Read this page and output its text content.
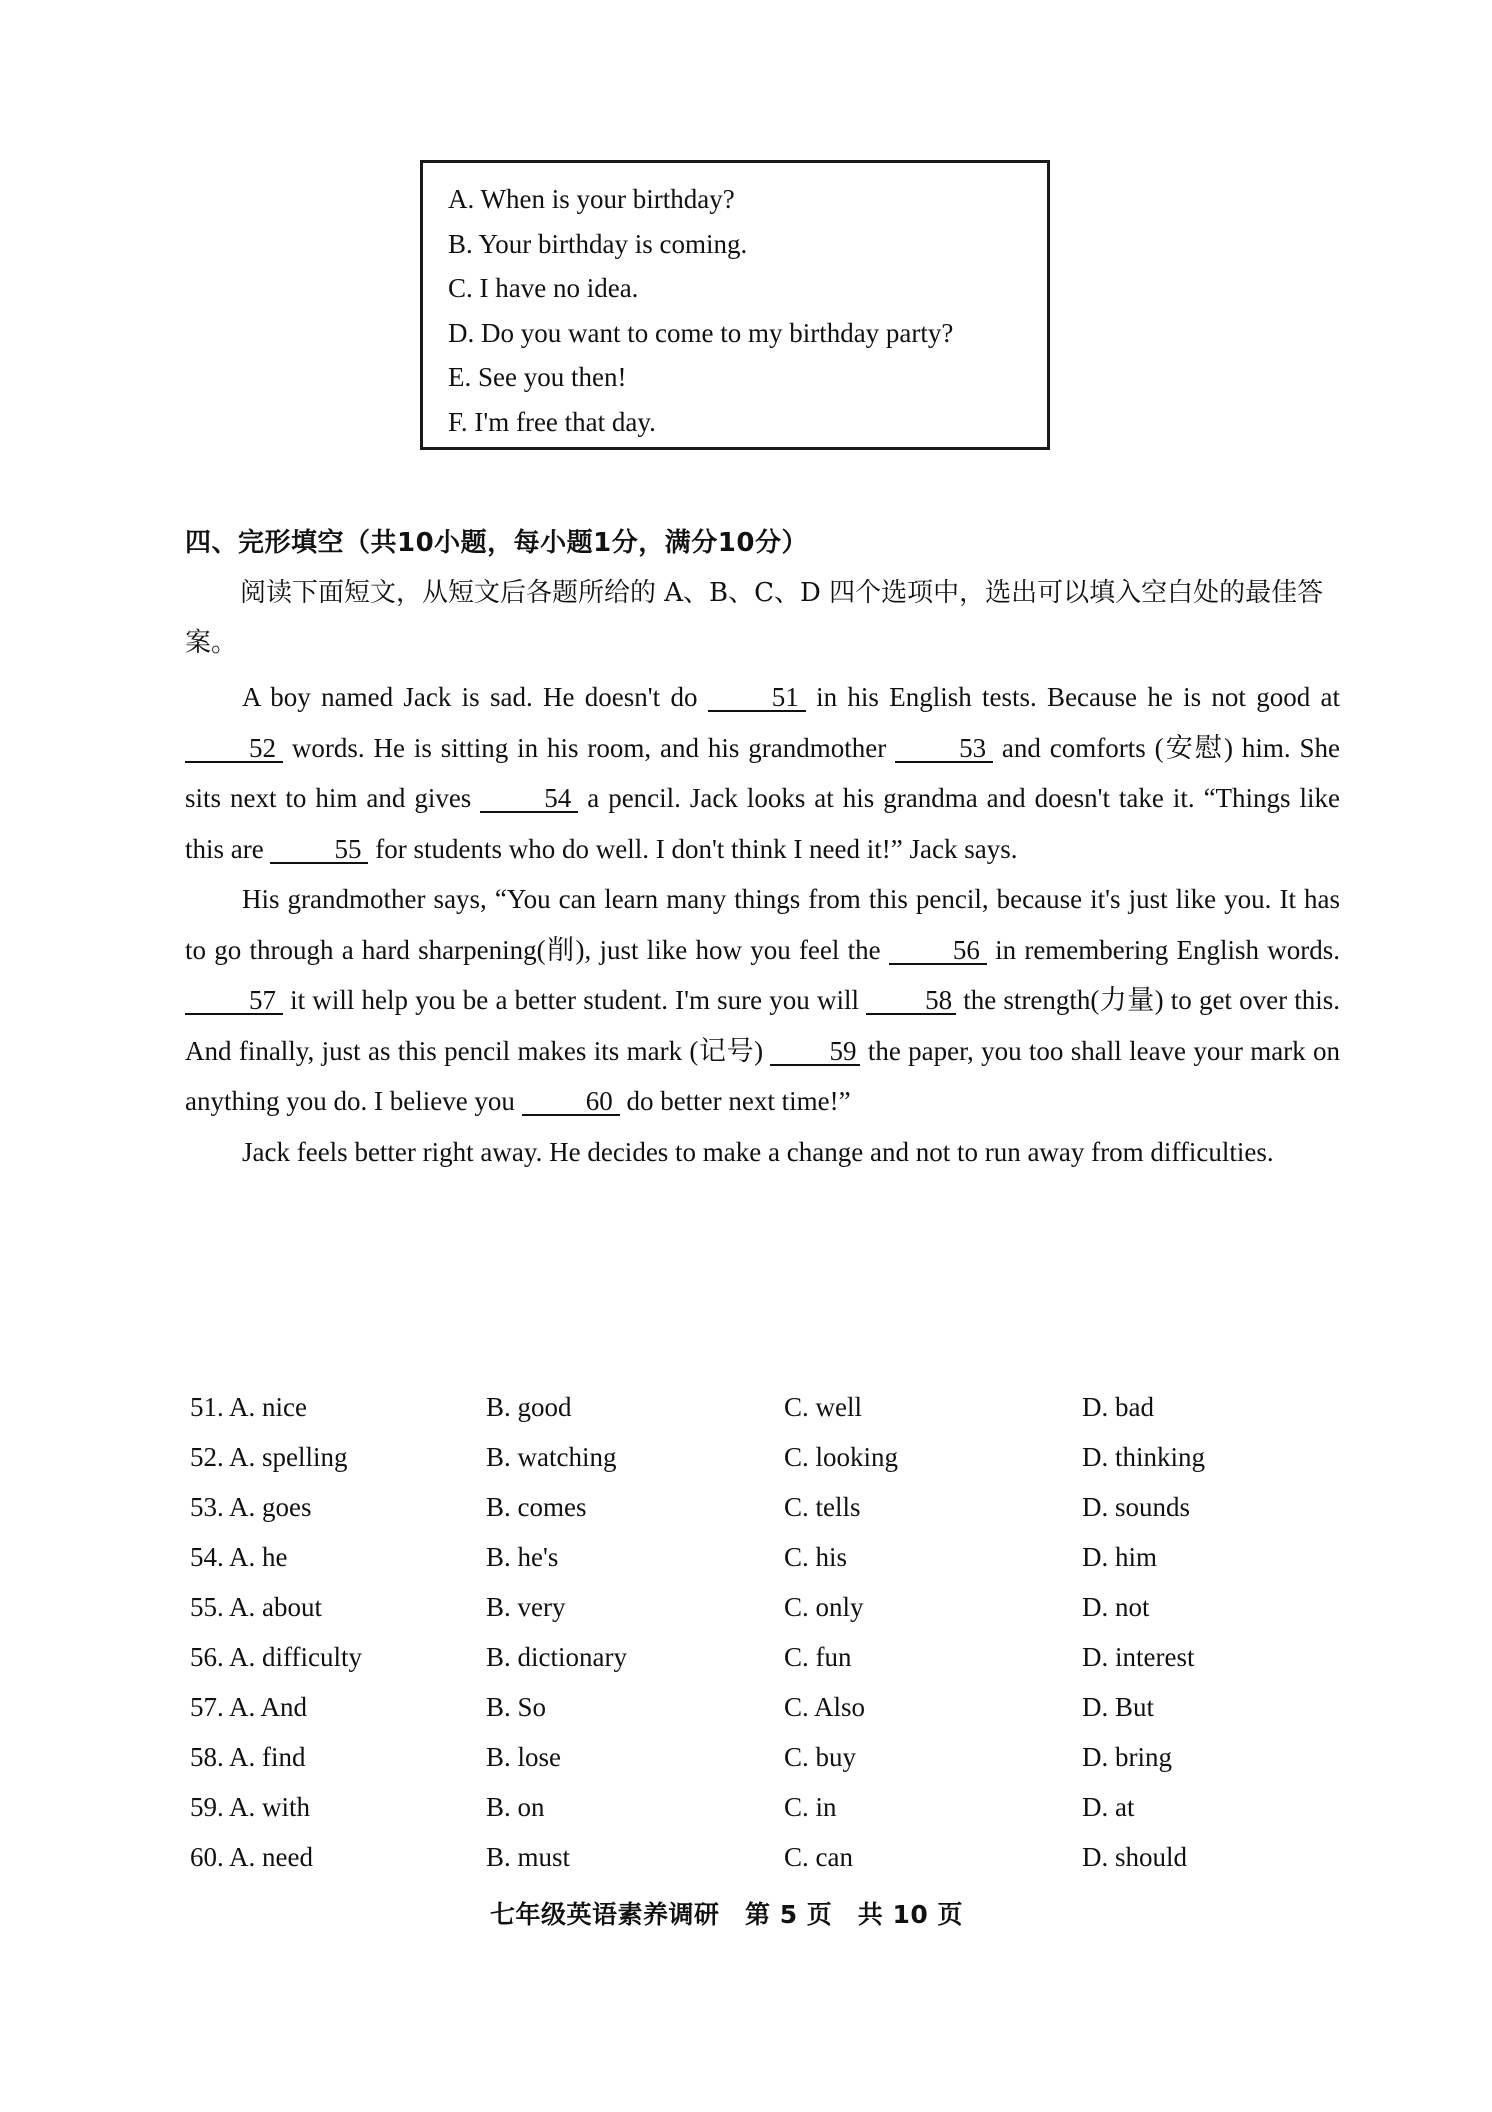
A. When is your birthday?
B. Your birthday is coming.
C. I have no idea.
D. Do you want to come to my birthday party?
E. See you then!
F. I'm free that day.
四、完形填空（共10小题，每小题1分，满分10分）
阅读下面短文，从短文后各题所给的 A、B、C、D 四个选项中，选出可以填入空白处的最佳答案。

A boy named Jack is sad. He doesn't do 51 in his English tests. Because he is not good at 52 words. He is sitting in his room, and his grandmother 53 and comforts (安慰) him. She sits next to him and gives 54 a pencil. Jack looks at his grandma and doesn't take it. “Things like this are 55 for students who do well. I don't think I need it!” Jack says.

His grandmother says, “You can learn many things from this pencil, because it's just like you. It has to go through a hard sharpening(削), just like how you feel the 56 in remembering English words. 57 it will help you be a better student. I'm sure you will 58 the strength(力量) to get over this. And finally, just as this pencil makes its mark (记号) 59 the paper, you too shall leave your mark on anything you do. I believe you 60 do better next time!”

Jack feels better right away. He decides to make a change and not to run away from difficulties.

51. A. nice	B. good	C. well	D. bad
52. A. spelling	B. watching	C. looking	D. thinking
53. A. goes	B. comes	C. tells	D. sounds
54. A. he	B. he's	C. his	D. him
55. A. about	B. very	C. only	D. not
56. A. difficulty	B. dictionary	C. fun	D. interest
57. A. And	B. So	C. Also	D. But
58. A. find	B. lose	C. buy	D. bring
59. A. with	B. on	C. in	D. at
60. A. need	B. must	C. can	D. should
七年级英语素养调研　第 5 页　共 10 页
